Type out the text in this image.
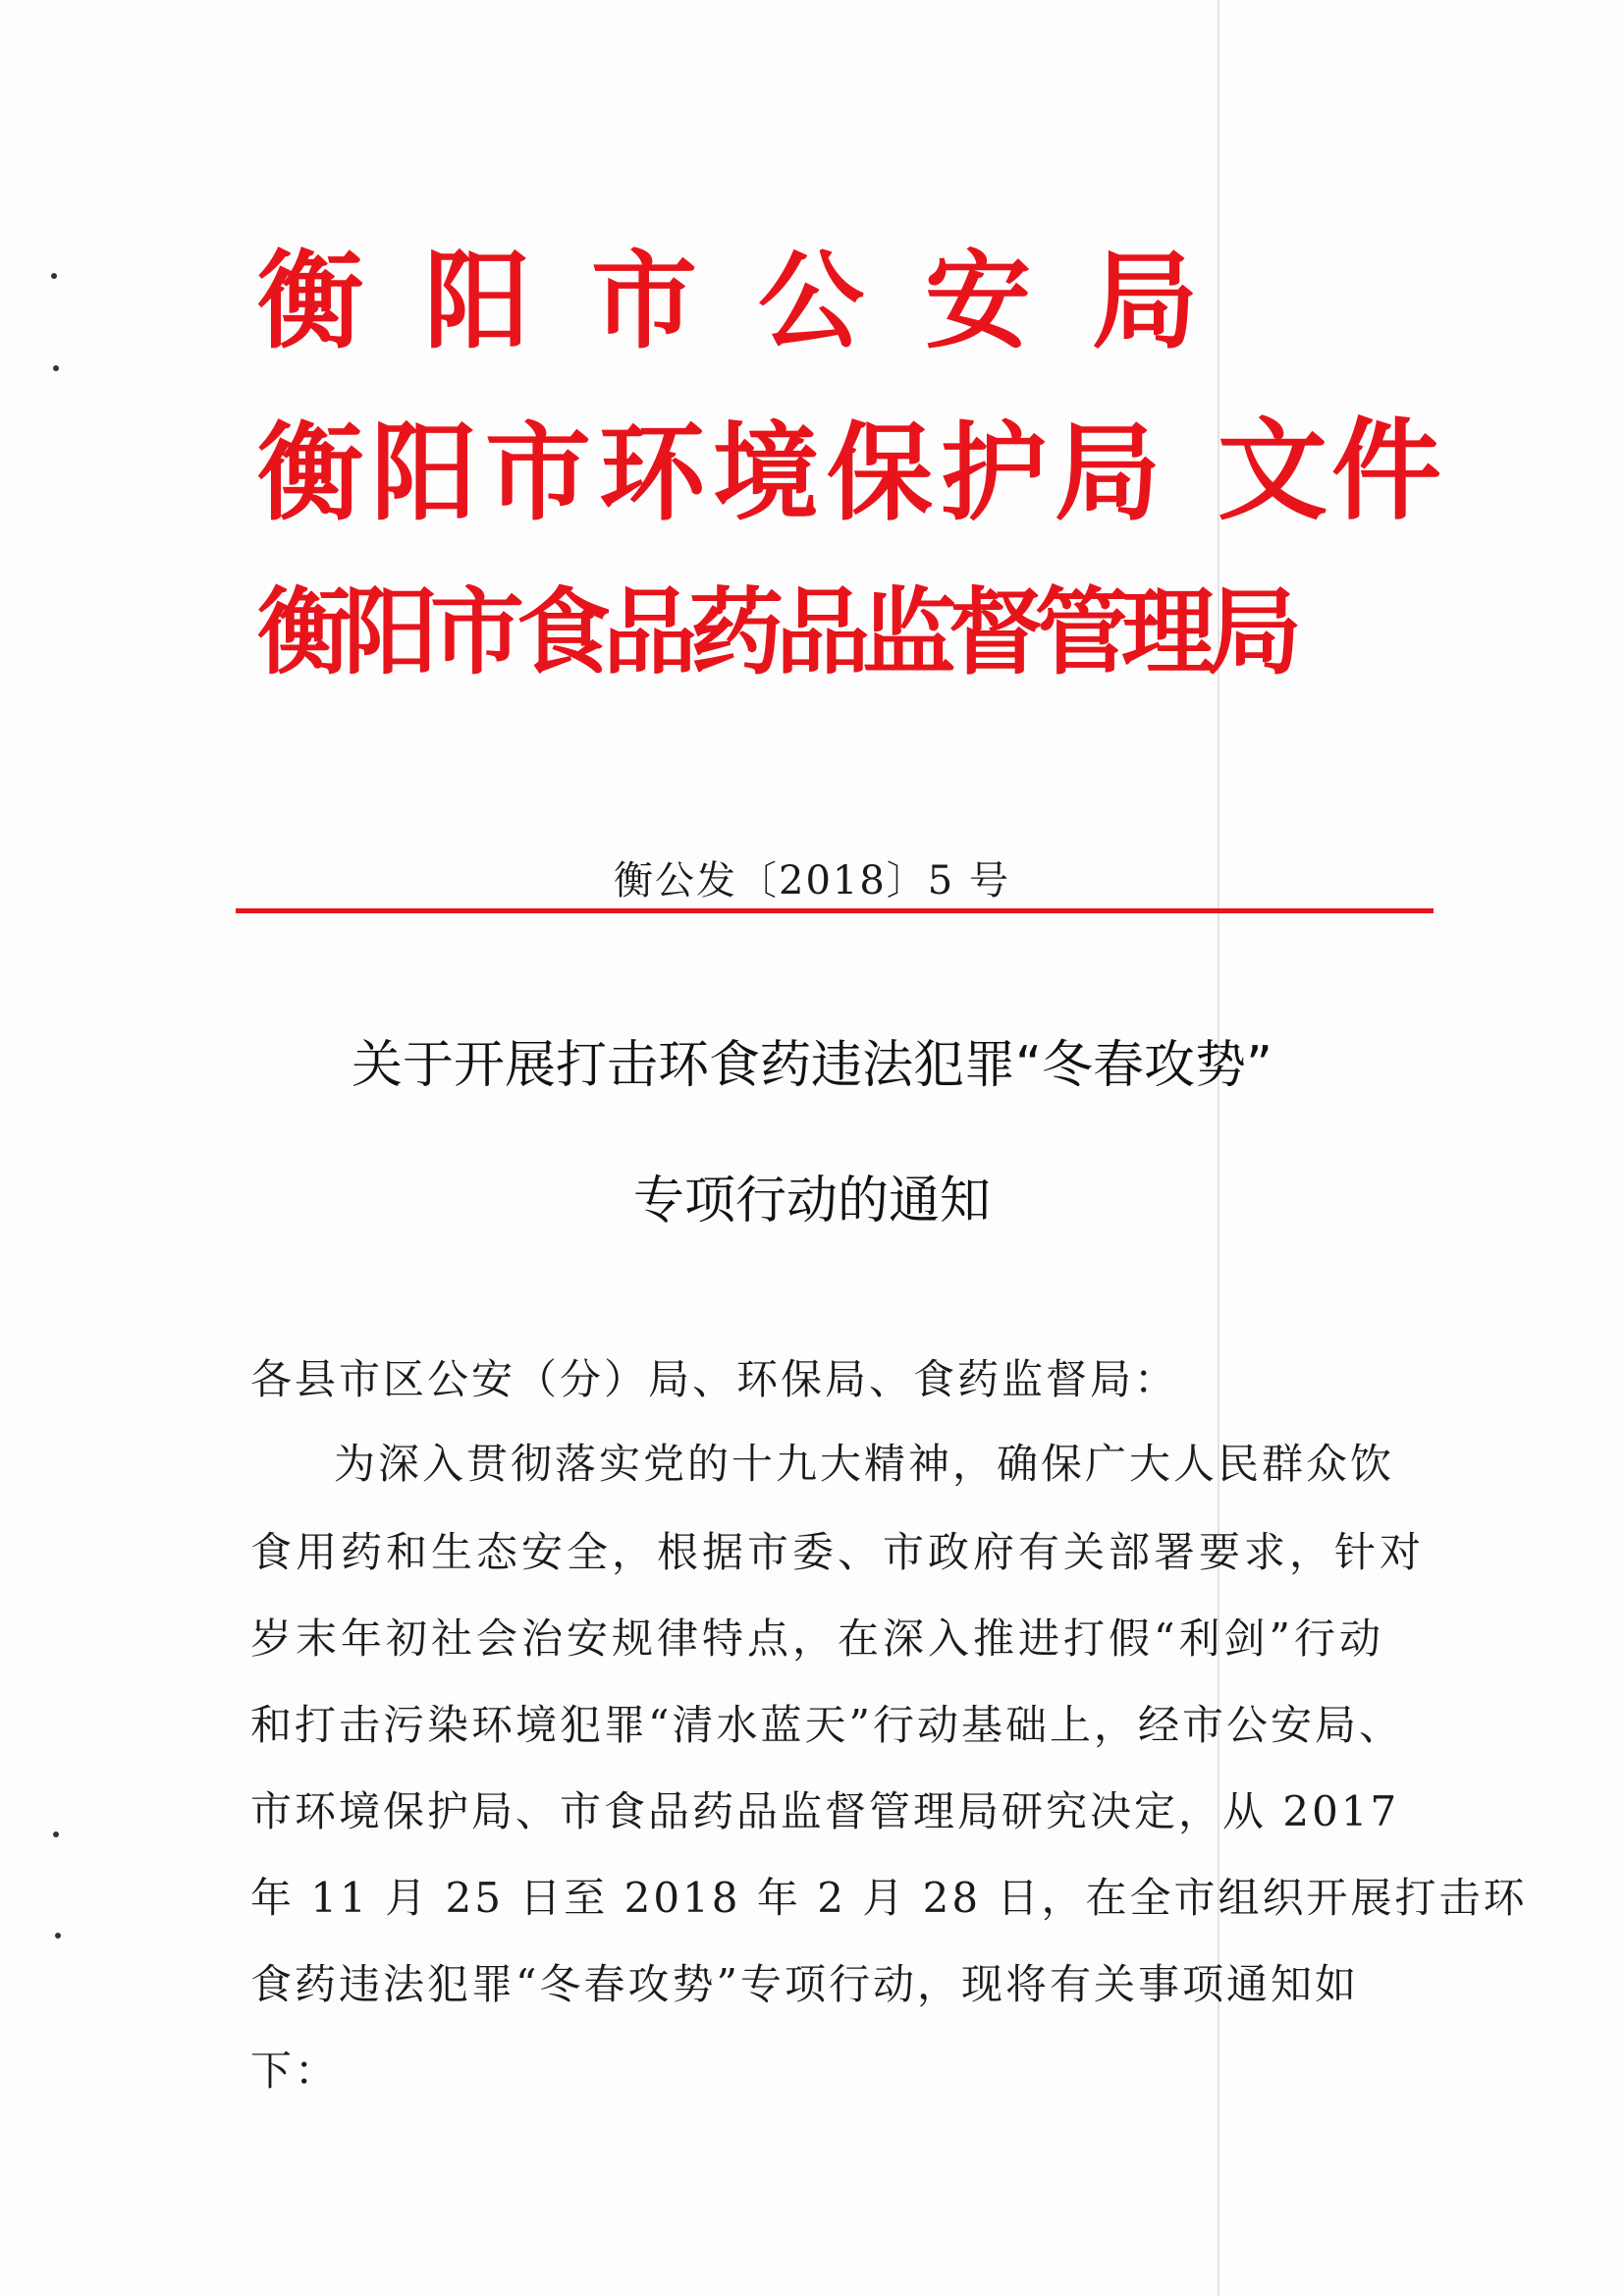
衡阳市公安局
衡阳市环境保护局
衡阳市食品药品监督管理局
文件
衡公发〔2018〕5 号
关于开展打击环食药违法犯罪“冬春攻势”
专项行动的通知
各县市区公安（分）局、环保局、食药监督局：
为深入贯彻落实党的十九大精神，确保广大人民群众饮
食用药和生态安全，根据市委、市政府有关部署要求，针对
岁末年初社会治安规律特点，在深入推进打假“利剑”行动
和打击污染环境犯罪“清水蓝天”行动基础上，经市公安局、
市环境保护局、市食品药品监督管理局研究决定，从 2017
年 11 月 25 日至 2018 年 2 月 28 日，在全市组织开展打击环
食药违法犯罪“冬春攻势”专项行动，现将有关事项通知如
下：
